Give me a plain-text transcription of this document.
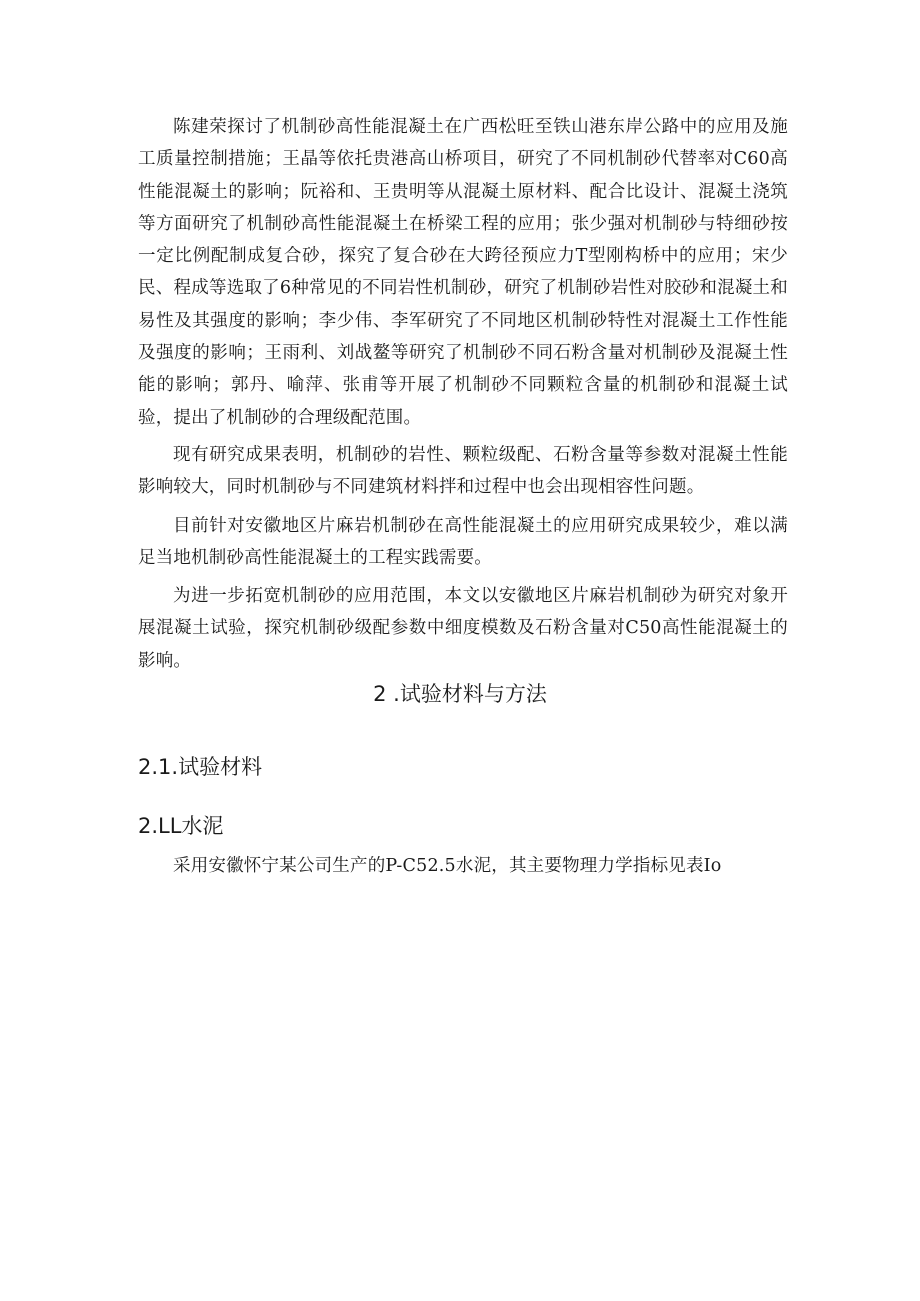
陈建荣探讨了机制砂高性能混凝土在广西松旺至铁山港东岸公路中的应用及施工质量控制措施；王晶等依托贵港高山桥项目，研究了不同机制砂代替率对C60高性能混凝土的影响；阮裕和、王贵明等从混凝土原材料、配合比设计、混凝土浇筑等方面研究了机制砂高性能混凝土在桥梁工程的应用；张少强对机制砂与特细砂按一定比例配制成复合砂，探究了复合砂在大跨径预应力T型刚构桥中的应用；宋少民、程成等选取了6种常见的不同岩性机制砂，研究了机制砂岩性对胶砂和混凝土和易性及其强度的影响；李少伟、李军研究了不同地区机制砂特性对混凝土工作性能及强度的影响；王雨利、刘战鳌等研究了机制砂不同石粉含量对机制砂及混凝土性能的影响；郭丹、喻萍、张甫等开展了机制砂不同颗粒含量的机制砂和混凝土试验，提出了机制砂的合理级配范围。

现有研究成果表明，机制砂的岩性、颗粒级配、石粉含量等参数对混凝土性能影响较大，同时机制砂与不同建筑材料拌和过程中也会出现相容性问题。

目前针对安徽地区片麻岩机制砂在高性能混凝土的应用研究成果较少，难以满足当地机制砂高性能混凝土的工程实践需要。

为进一步拓宽机制砂的应用范围，本文以安徽地区片麻岩机制砂为研究对象开展混凝土试验，探究机制砂级配参数中细度模数及石粉含量对C50高性能混凝土的影响。

2 .试验材料与方法
2.1.试验材料
2.LL水泥

采用安徽怀宁某公司生产的P-C52.5水泥，其主要物理力学指标见表Io
